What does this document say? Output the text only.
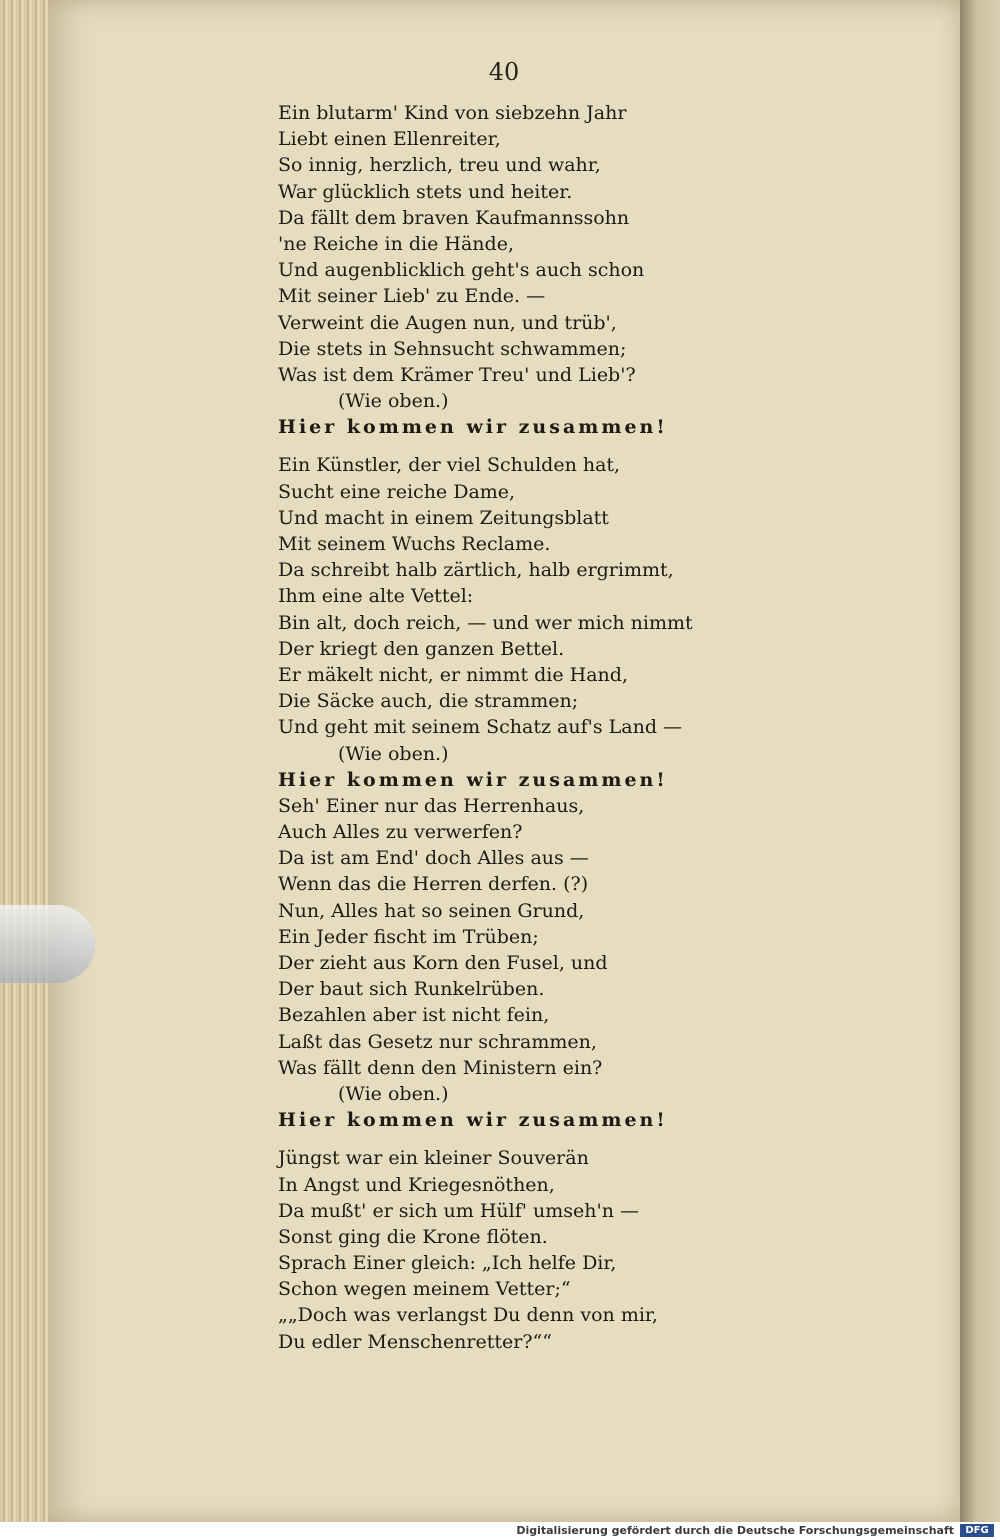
40
Ein blutarm' Kind von siebzehn Jahr
Liebt einen Ellenreiter,
So innig, herzlich, treu und wahr,
War glücklich stets und heiter.
Da fällt dem braven Kaufmannssohn
'ne Reiche in die Hände,
Und augenblicklich geht's auch schon
Mit seiner Lieb' zu Ende. —
Verweint die Augen nun, und trüb',
Die stets in Sehnsucht schwammen;
Was ist dem Krämer Treu' und Lieb'?
(Wie oben.)
Hier kommen wir zusammen!
Ein Künstler, der viel Schulden hat,
Sucht eine reiche Dame,
Und macht in einem Zeitungsblatt
Mit seinem Wuchs Reclame.
Da schreibt halb zärtlich, halb ergrimmt,
Ihm eine alte Vettel:
Bin alt, doch reich, — und wer mich nimmt
Der kriegt den ganzen Bettel.
Er mäkelt nicht, er nimmt die Hand,
Die Säcke auch, die strammen;
Und geht mit seinem Schatz auf's Land —
(Wie oben.)
Hier kommen wir zusammen!
Seh' Einer nur das Herrenhaus,
Auch Alles zu verwerfen?
Da ist am End' doch Alles aus —
Wenn das die Herren derfen. (?)
Nun, Alles hat so seinen Grund,
Ein Jeder fischt im Trüben;
Der zieht aus Korn den Fusel, und
Der baut sich Runkelrüben.
Bezahlen aber ist nicht fein,
Laßt das Gesetz nur schrammen,
Was fällt denn den Ministern ein?
(Wie oben.)
Hier kommen wir zusammen!
Jüngst war ein kleiner Souverän
In Angst und Kriegesnöthen,
Da mußt' er sich um Hülf' umseh'n —
Sonst ging die Krone flöten.
Sprach Einer gleich: „Ich helfe Dir,
Schon wegen meinem Vetter;“
„„Doch was verlangst Du denn von mir,
Du edler Menschenretter?““
Digitalisierung gefördert durch die Deutsche Forschungsgemeinschaft	DFG
